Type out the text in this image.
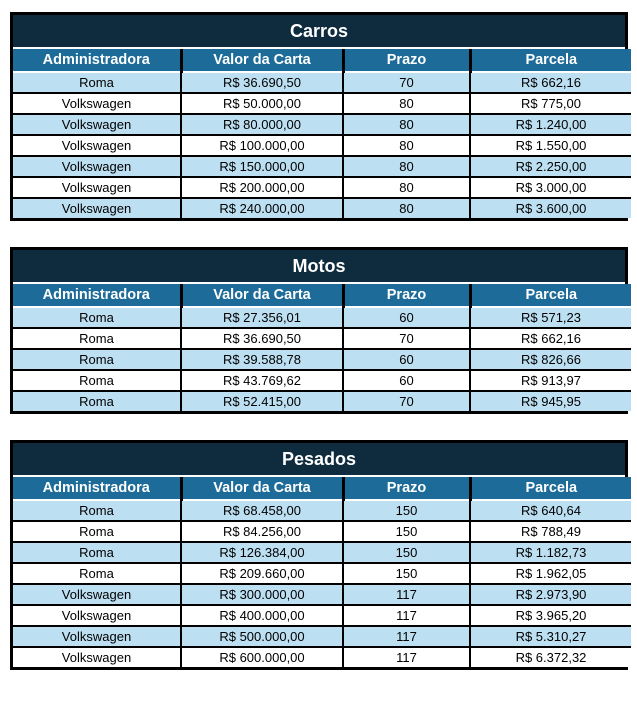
Carros
Administradora	Valor da Carta	Prazo	Parcela
Roma	R$ 36.690,50	70	R$ 662,16
Volkswagen	R$ 50.000,00	80	R$ 775,00
Volkswagen	R$ 80.000,00	80	R$ 1.240,00
Volkswagen	R$ 100.000,00	80	R$ 1.550,00
Volkswagen	R$ 150.000,00	80	R$ 2.250,00
Volkswagen	R$ 200.000,00	80	R$ 3.000,00
Volkswagen	R$ 240.000,00	80	R$ 3.600,00
Motos
Administradora	Valor da Carta	Prazo	Parcela
Roma	R$ 27.356,01	60	R$ 571,23
Roma	R$ 36.690,50	70	R$ 662,16
Roma	R$ 39.588,78	60	R$ 826,66
Roma	R$ 43.769,62	60	R$ 913,97
Roma	R$ 52.415,00	70	R$ 945,95
Pesados
Administradora	Valor da Carta	Prazo	Parcela
Roma	R$ 68.458,00	150	R$ 640,64
Roma	R$ 84.256,00	150	R$ 788,49
Roma	R$ 126.384,00	150	R$ 1.182,73
Roma	R$ 209.660,00	150	R$ 1.962,05
Volkswagen	R$ 300.000,00	117	R$ 2.973,90
Volkswagen	R$ 400.000,00	117	R$ 3.965,20
Volkswagen	R$ 500.000,00	117	R$ 5.310,27
Volkswagen	R$ 600.000,00	117	R$ 6.372,32
